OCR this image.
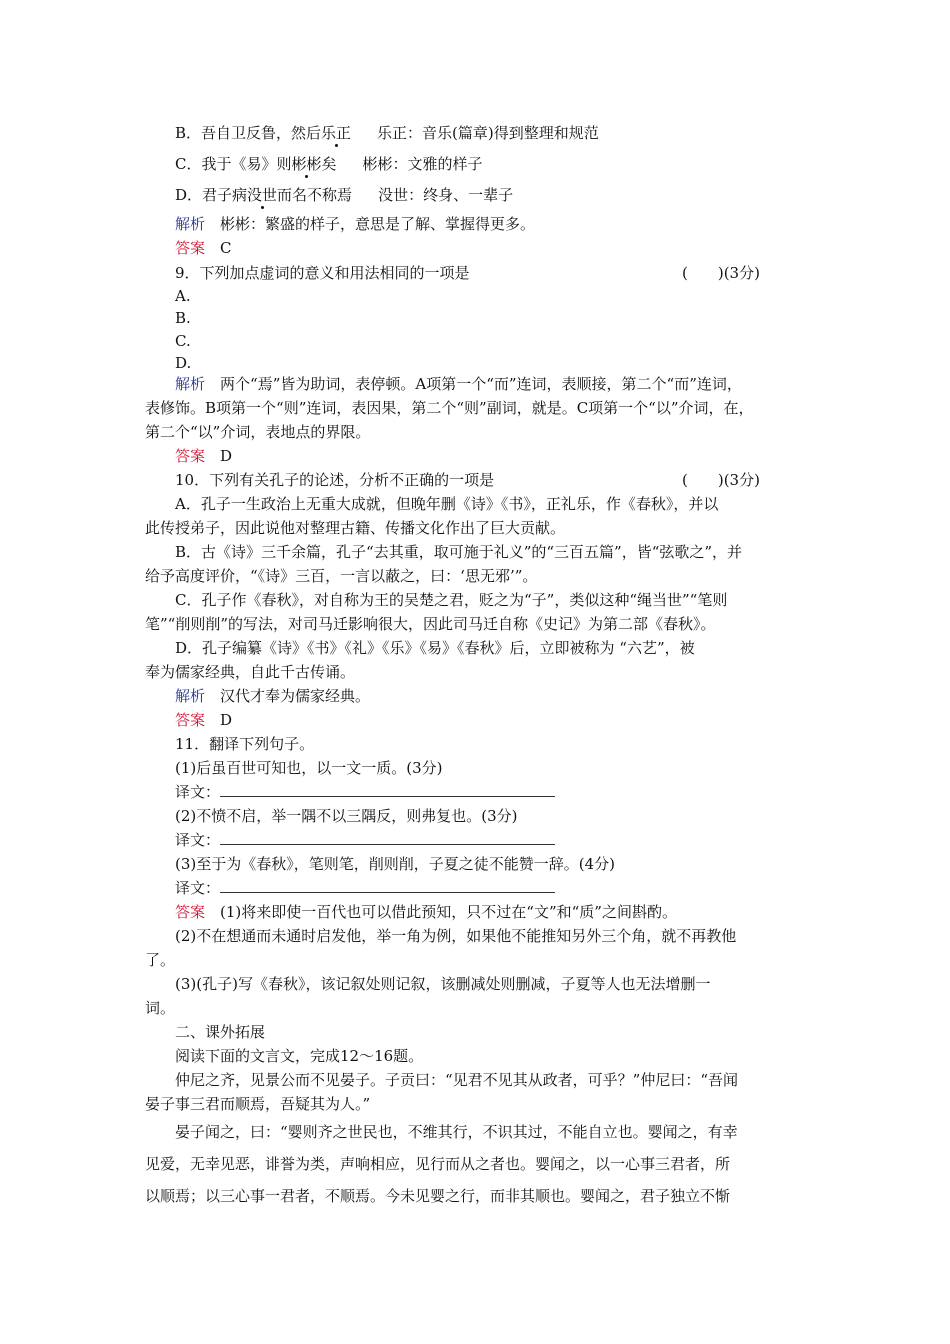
B．吾自卫反鲁，然后乐正 乐正：音乐(篇章)得到整理和规范
C．我于《易》则彬彬矣 彬彬：文雅的样子
D．君子病没世而名不称焉 没世：终身、一辈子
解析　 彬彬：繁盛的样子，意思是了解、掌握得更多。
答案　 C
9．下列加点虚词的意义和用法相同的一项是	(　　)(3分)
A.
B.
C.
D.
解析　 两个“焉”皆为助词，表停顿。A项第一个“而”连词，表顺接，第二个“而”连词，
表修饰。B项第一个“则”连词，表因果，第二个“则”副词，就是。C项第一个“以”介词，在，
第二个“以”介词，表地点的界限。
答案　 D
10．下列有关孔子的论述，分析不正确的一项是	(　　)(3分)
A．孔子一生政治上无重大成就，但晚年删《诗》《书》，正礼乐，作《春秋》，并以
此传授弟子，因此说他对整理古籍、传播文化作出了巨大贡献。
B．古《诗》三千余篇，孔子“去其重，取可施于礼义”的“三百五篇”，皆“弦歌之”，并
给予高度评价，“《诗》三百，一言以蔽之，曰：‘思无邪’”。
C．孔子作《春秋》，对自称为王的吴楚之君，贬之为“子”，类似这种“绳当世”“笔则
笔”“削则削”的写法，对司马迁影响很大，因此司马迁自称《史记》为第二部《春秋》。
D．孔子编纂《诗》《书》《礼》《乐》《易》《春秋》后，立即被称为 “六艺”，被
奉为儒家经典，自此千古传诵。
解析　 汉代才奉为儒家经典。
答案　 D
11．翻译下列句子。
(1)后虽百世可知也，以一文一质。(3分)
译文：
(2)不愤不启，举一隅不以三隅反，则弗复也。(3分)
译文：
(3)至于为《春秋》，笔则笔，削则削，子夏之徒不能赞一辞。(4分)
译文：
答案　 (1)将来即使一百代也可以借此预知，只不过在“文”和“质”之间斟酌。
(2)不在想通而未通时启发他，举一角为例，如果他不能推知另外三个角，就不再教他
了。
(3)(孔子)写《春秋》，该记叙处则记叙，该删减处则删减，子夏等人也无法增删一
词。
二、课外拓展
阅读下面的文言文，完成12～16题。
仲尼之齐，见景公而不见晏子。子贡曰：“见君不见其从政者，可乎？”仲尼曰：“吾闻
晏子事三君而顺焉，吾疑其为人。”
晏子闻之，曰：“婴则齐之世民也，不维其行，不识其过，不能自立也。婴闻之，有幸
见爱，无幸见恶，诽誉为类，声响相应，见行而从之者也。婴闻之，以一心事三君者，所
以顺焉；以三心事一君者，不顺焉。今未见婴之行，而非其顺也。婴闻之，君子独立不惭
